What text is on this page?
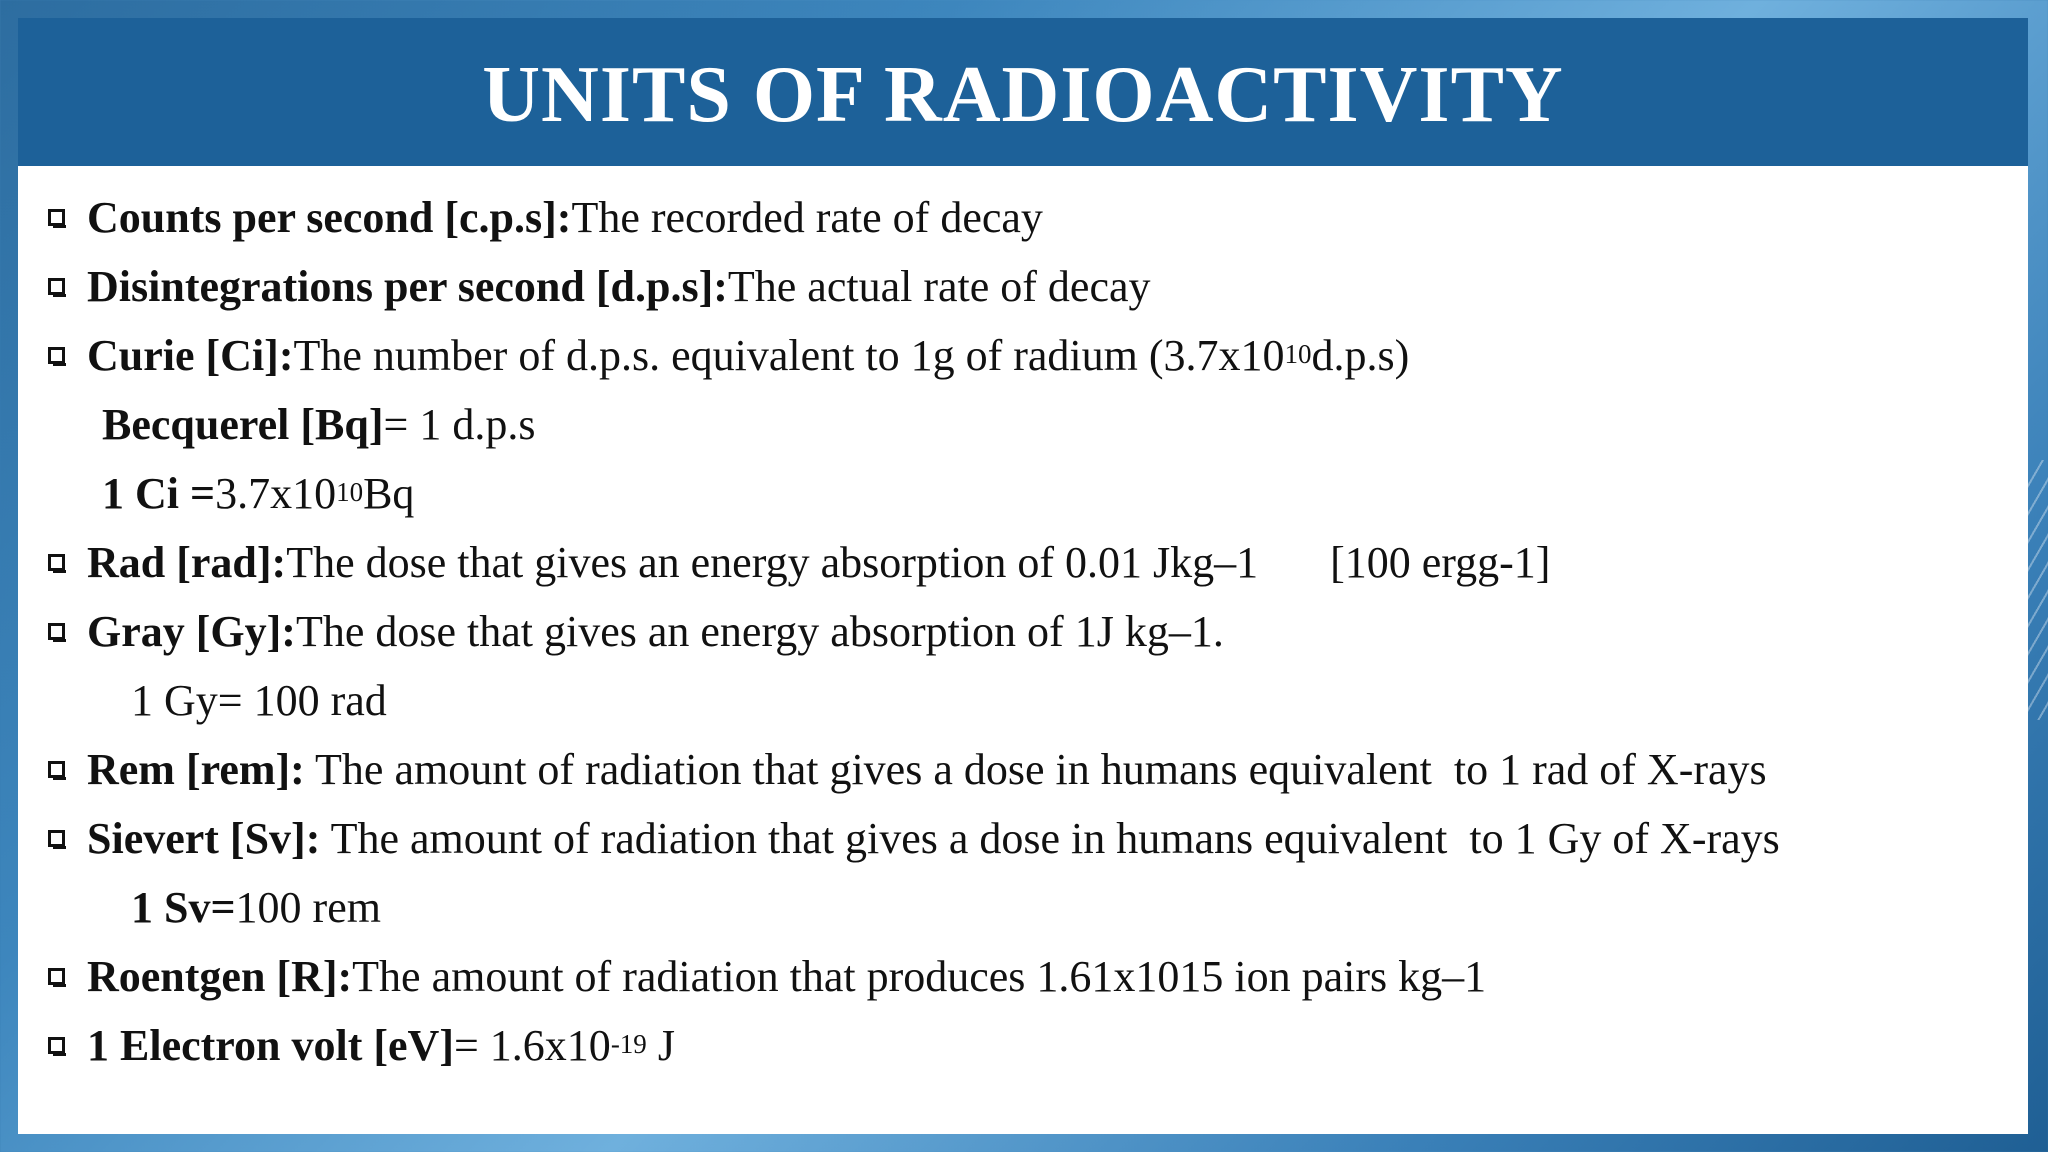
UNITS OF RADIOACTIVITY
Counts per second [c.p.s]: The recorded rate of decay
Disintegrations per second [d.p.s]: The actual rate of decay
Curie [Ci]: The number of d.p.s. equivalent to 1g of radium ($3.7x10^{10}$ d.p.s)
Becquerel [Bq] = 1 d.p.s
1 $Ci = 3.7x10^{10}$ Bq
Rad [rad]: The dose that gives an energy absorption of 0.01 Jkg–1 [100 ergg-1]
Gray [Gy]: The dose that gives an energy absorption of 1J kg–1.
1 Gy= 100 rad
Rem [rem]: The amount of radiation that gives a dose in humans equivalent  to 1 rad of X-rays
Sievert [Sv]: The amount of radiation that gives a dose in humans equivalent  to 1 Gy of X-rays
1 Sv= 100 rem
Roentgen [R]: The amount of radiation that produces 1.61x1015 ion pairs kg–1
1 Electron volt $[eV] = 1.6x10^{-19}$ J
